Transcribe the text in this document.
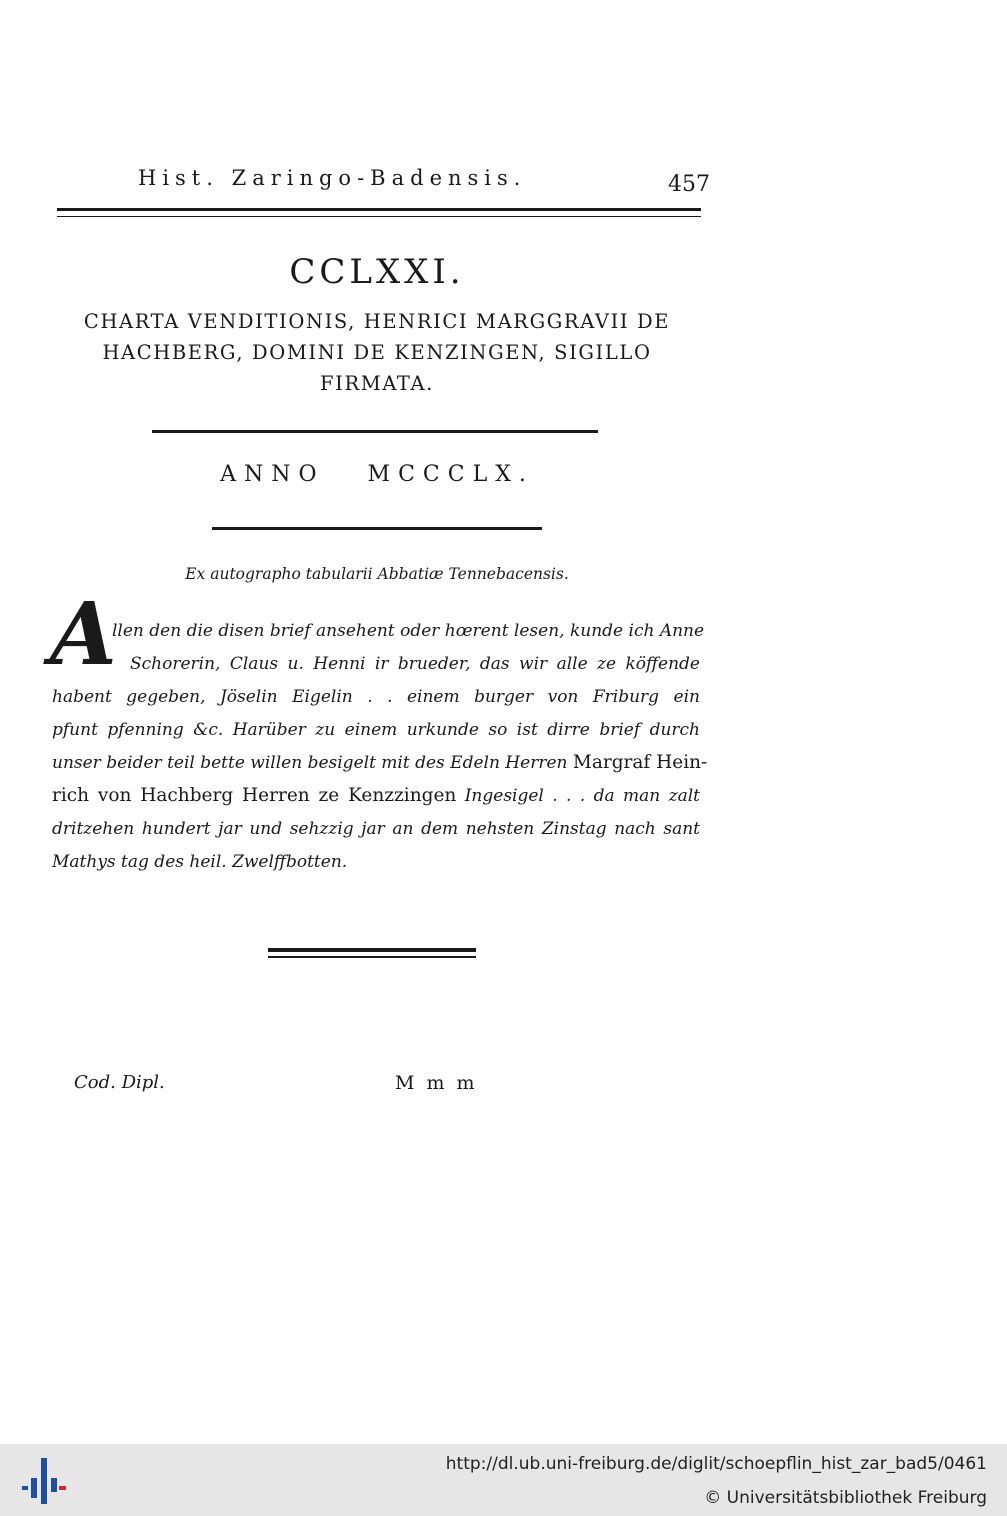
Hist. Zaringo-Badensis.	457
CCLXXI.
CHARTA VENDITIONIS, HENRICI MARGGRAVII DE
HACHBERG, DOMINI DE KENZINGEN, SIGILLO
FIRMATA.
ANNO MCCCLX.
Ex autographo tabularii Abbatiæ Tennebacensis.
A
llen den die disen brief ansehent oder hœrent lesen, kunde ich Anne
Schorerin, Claus u. Henni ir brueder, das wir alle ze köffende
habent gegeben, Jöselin Eigelin . . einem burger von Friburg ein
pfunt pfenning &c. Harüber zu einem urkunde so ist dirre brief durch
unser beider teil bette willen besigelt mit des Edeln Herren Margraf Hein-
rich von Hachberg Herren ze Kenzzingen Ingesigel . . . da man zalt
dritzehen hundert jar und sehzzig jar an dem nehsten Zinstag nach sant
Mathys tag des heil. Zwelffbotten.
Cod. Dipl.	M m m
http://dl.ub.uni-freiburg.de/diglit/schoepflin_hist_zar_bad5/0461
© Universitätsbibliothek Freiburg
